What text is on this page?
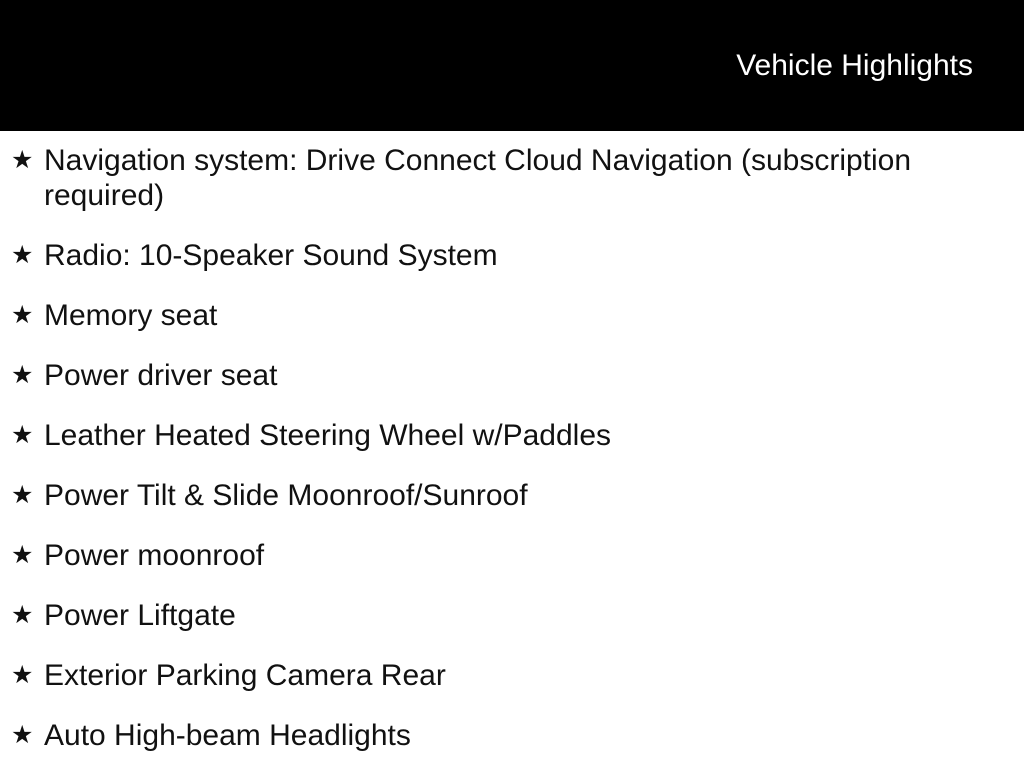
Vehicle Highlights
★ Navigation system: Drive Connect Cloud Navigation (subscription required)
★ Radio: 10-Speaker Sound System
★ Memory seat
★ Power driver seat
★ Leather Heated Steering Wheel w/Paddles
★ Power Tilt & Slide Moonroof/Sunroof
★ Power moonroof
★ Power Liftgate
★ Exterior Parking Camera Rear
★ Auto High-beam Headlights
